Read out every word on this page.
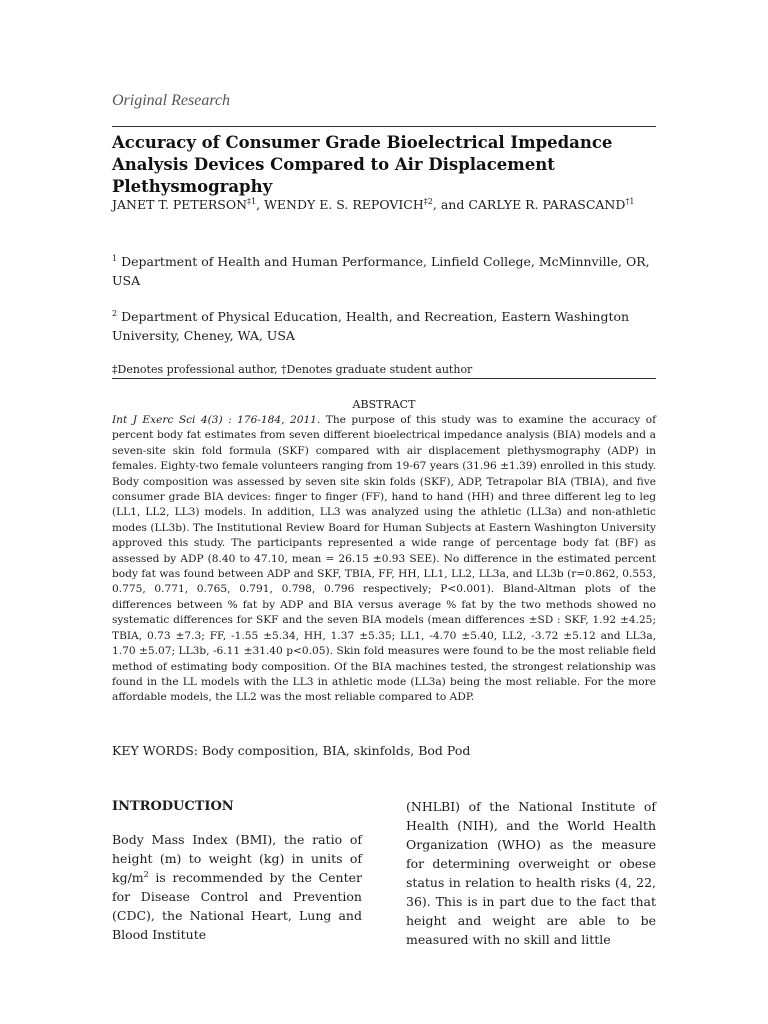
Original Research
Accuracy of Consumer Grade Bioelectrical Impedance Analysis Devices Compared to Air Displacement Plethysmography
JANET T. PETERSON$^{\ddagger 1}$, WENDY E. S. REPOVICH$^{\ddagger 2}$, and CARLYE R. PARASCAND$^{\dagger 1}$
$^1$ Department of Health and Human Performance, Linfield College, McMinnville, OR, USA
$^2$ Department of Physical Education, Health, and Recreation, Eastern Washington University, Cheney, WA, USA
‡Denotes professional author, †Denotes graduate student author
ABSTRACT
Int J Exerc Sci 4(3) : 176-184, 2011. The purpose of this study was to examine the accuracy of percent body fat estimates from seven different bioelectrical impedance analysis (BIA) models and a seven-site skin fold formula (SKF) compared with air displacement plethysmography (ADP) in females. Eighty-two female volunteers ranging from 19-67 years (31.96 ±1.39) enrolled in this study. Body composition was assessed by seven site skin folds (SKF), ADP, Tetrapolar BIA (TBIA), and five consumer grade BIA devices: finger to finger (FF), hand to hand (HH) and three different leg to leg (LL1, LL2, LL3) models. In addition, LL3 was analyzed using the athletic (LL3a) and non-athletic modes (LL3b). The Institutional Review Board for Human Subjects at Eastern Washington University approved this study. The participants represented a wide range of percentage body fat (BF) as assessed by ADP (8.40 to 47.10, mean = 26.15 ±0.93 SEE). No difference in the estimated percent body fat was found between ADP and SKF, TBIA, FF, HH, LL1, LL2, LL3a, and LL3b (r=0.862, 0.553, 0.775, 0.771, 0.765, 0.791, 0.798, 0.796 respectively; P<0.001). Bland-Altman plots of the differences between % fat by ADP and BIA versus average % fat by the two methods showed no systematic differences for SKF and the seven BIA models (mean differences ±SD : SKF, 1.92 ±4.25; TBIA, 0.73 ±7.3; FF, -1.55 ±5.34, HH, 1.37 ±5.35; LL1, -4.70 ±5.40, LL2, -3.72 ±5.12 and LL3a, 1.70 ±5.07; LL3b, -6.11 ±31.40 p<0.05). Skin fold measures were found to be the most reliable field method of estimating body composition. Of the BIA machines tested, the strongest relationship was found in the LL models with the LL3 in athletic mode (LL3a) being the most reliable. For the more affordable models, the LL2 was the most reliable compared to ADP.
KEY WORDS: Body composition, BIA, skinfolds, Bod Pod
INTRODUCTION
Body Mass Index (BMI), the ratio of height (m) to weight (kg) in units of $kg/m^2$ is recommended by the Center for Disease Control and Prevention (CDC), the National Heart, Lung and Blood Institute
(NHLBI) of the National Institute of Health (NIH), and the World Health Organization (WHO) as the measure for determining overweight or obese status in relation to health risks (4, 22, 36). This is in part due to the fact that height and weight are able to be measured with no skill and little
